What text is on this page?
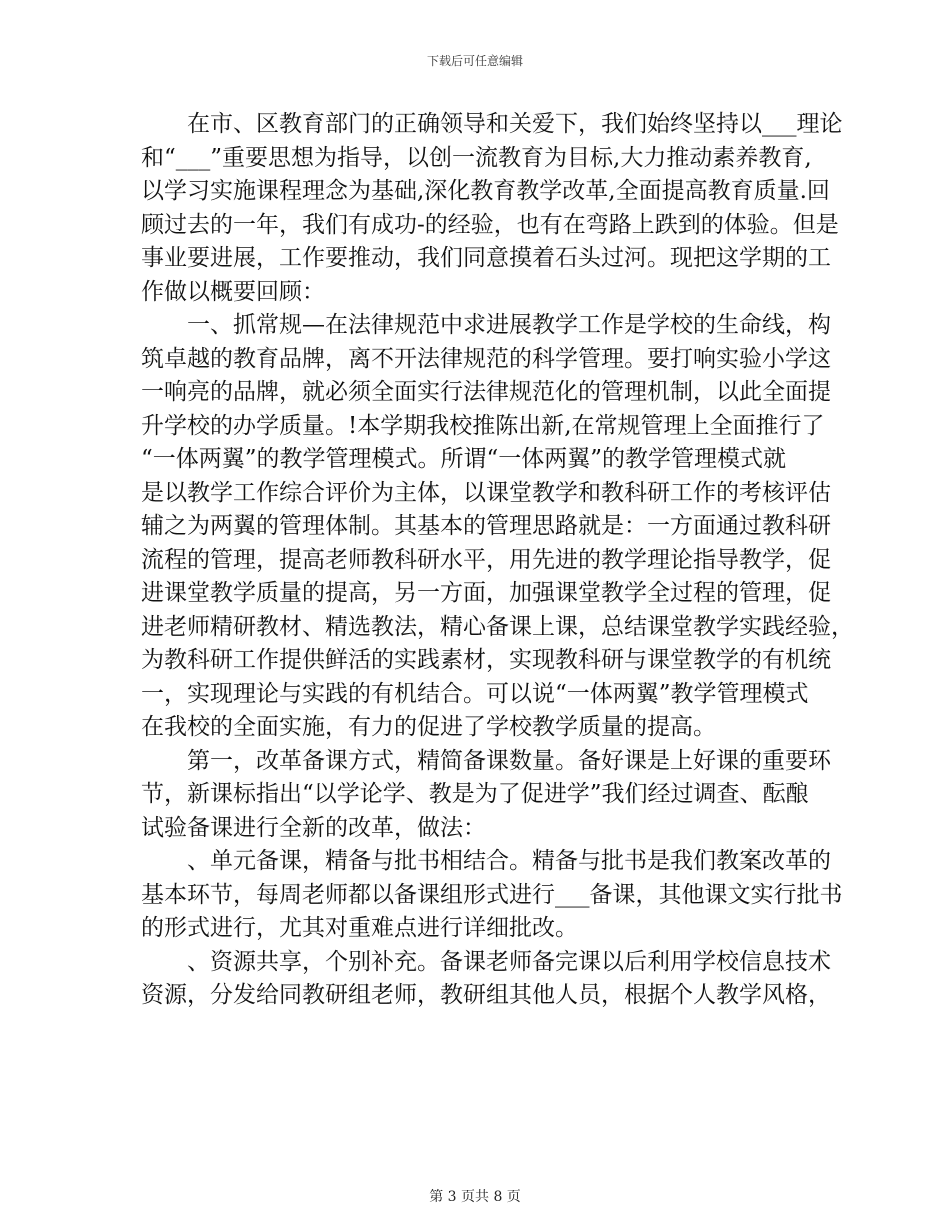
下载后可任意编辑
　　在市、区教育部门的正确领导和关爱下，我们始终坚持以___理论
和“___”重要思想为指导，以创一流教育为目标,大力推动素养教育,
以学习实施课程理念为基础,深化教育教学改革,全面提高教育质量.回
顾过去的一年，我们有成功-的经验，也有在弯路上跌到的体验。但是
事业要进展，工作要推动，我们同意摸着石头过河。现把这学期的工
作做以概要回顾：
　　一、抓常规—在法律规范中求进展教学工作是学校的生命线，构
筑卓越的教育品牌，离不开法律规范的科学管理。要打响实验小学这
一响亮的品牌，就必须全面实行法律规范化的管理机制，以此全面提
升学校的办学质量。!本学期我校推陈出新,在常规管理上全面推行了
“一体两翼”的教学管理模式。所谓“一体两翼”的教学管理模式就
是以教学工作综合评价为主体，以课堂教学和教科研工作的考核评估
辅之为两翼的管理体制。其基本的管理思路就是：一方面通过教科研
流程的管理，提高老师教科研水平，用先进的教学理论指导教学，促
进课堂教学质量的提高，另一方面，加强课堂教学全过程的管理，促
进老师精研教材、精选教法，精心备课上课，总结课堂教学实践经验，
为教科研工作提供鲜活的实践素材，实现教科研与课堂教学的有机统
一，实现理论与实践的有机结合。可以说“一体两翼”教学管理模式
在我校的全面实施，有力的促进了学校教学质量的提高。
　　第一，改革备课方式，精简备课数量。备好课是上好课的重要环
节，新课标指出“以学论学、教是为了促进学”我们经过调查、酝酿
试验备课进行全新的改革，做法：
　　、单元备课，精备与批书相结合。精备与批书是我们教案改革的
基本环节，每周老师都以备课组形式进行___备课，其他课文实行批书
的形式进行，尤其对重难点进行详细批改。
　　、资源共享，个别补充。备课老师备完课以后利用学校信息技术
资源，分发给同教研组老师，教研组其他人员，根据个人教学风格，
第 3 页共 8 页
